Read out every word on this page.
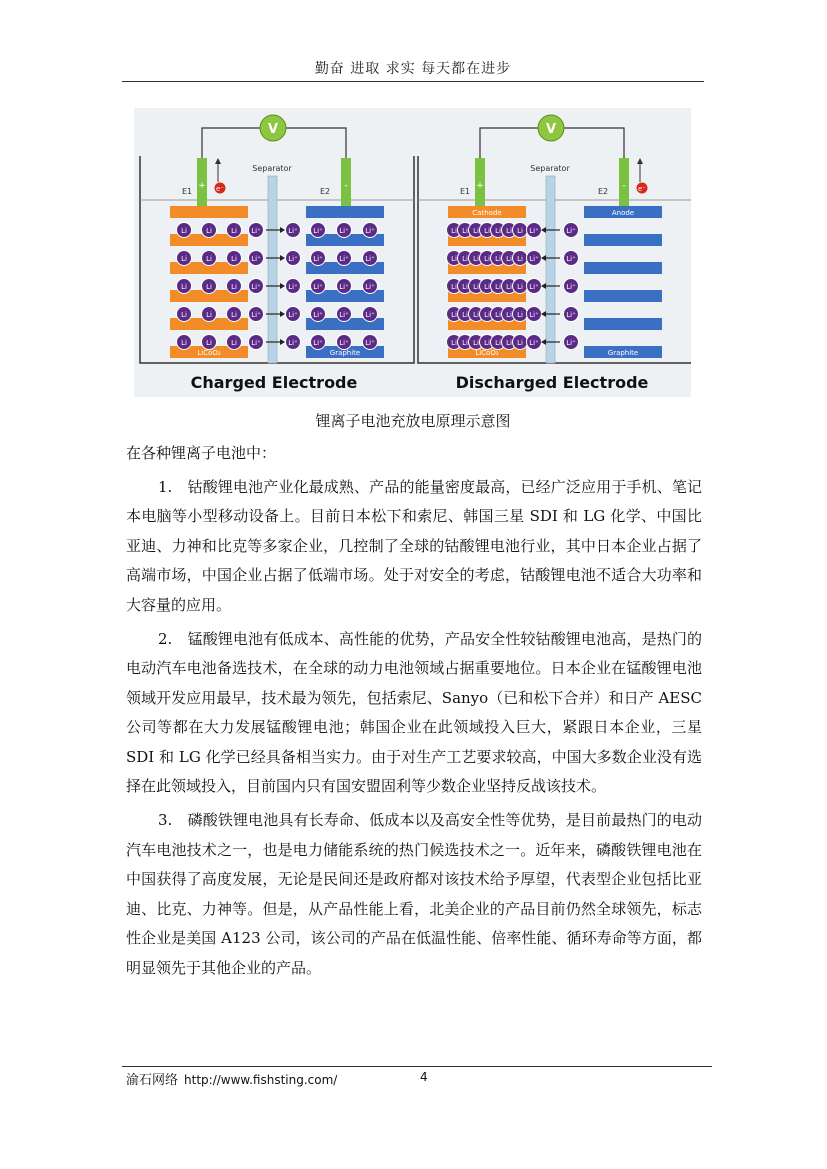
勤奋 进取 求实 每天都在进步
V
+	-
E1	E2
e⁻
Separator
LiCoO₂	Graphite
Li	Li	Li	Li⁺ Li⁺ Li⁺
Li⁺	Li⁺
Li	Li	Li	Li⁺ Li⁺ Li⁺
Li⁺	Li⁺
Li	Li	Li	Li⁺ Li⁺ Li⁺
Li⁺	Li⁺
Li	Li	Li	Li⁺ Li⁺ Li⁺
Li⁺	Li⁺
Li	Li	Li	Li⁺ Li⁺ Li⁺
Li⁺	Li⁺
V
+	-
E1	E2	e⁻
Separator
Cathode	Anode
LiCoO₂	Graphite
Li Li Li Li Li Li Li Li⁺	Li⁺
Li Li Li Li Li Li Li Li⁺	Li⁺
Li Li Li Li Li Li Li Li⁺	Li⁺
Li Li Li Li Li Li Li Li⁺	Li⁺
Li Li Li Li Li Li Li Li⁺	Li⁺
Charged Electrode	Discharged Electrode
锂离子电池充放电原理示意图
在各种锂离子电池中：

1.　钴酸锂电池产业化最成熟、产品的能量密度最高，已经广泛应用于手机、笔记本电脑等小型移动设备上。目前日本松下和索尼、韩国三星 SDI 和 LG 化学、中国比亚迪、力神和比克等多家企业，几控制了全球的钴酸锂电池行业，其中日本企业占据了高端市场，中国企业占据了低端市场。处于对安全的考虑，钴酸锂电池不适合大功率和大容量的应用。

2.　锰酸锂电池有低成本、高性能的优势，产品安全性较钴酸锂电池高，是热门的电动汽车电池备选技术，在全球的动力电池领域占据重要地位。日本企业在锰酸锂电池领域开发应用最早，技术最为领先，包括索尼、Sanyo（已和松下合并）和日产 AESC 公司等都在大力发展锰酸锂电池；韩国企业在此领域投入巨大，紧跟日本企业，三星 SDI 和 LG 化学已经具备相当实力。由于对生产工艺要求较高，中国大多数企业没有选择在此领域投入，目前国内只有国安盟固利等少数企业坚持反战该技术。

3.　磷酸铁锂电池具有长寿命、低成本以及高安全性等优势，是目前最热门的电动汽车电池技术之一，也是电力储能系统的热门候选技术之一。近年来，磷酸铁锂电池在中国获得了高度发展，无论是民间还是政府都对该技术给予厚望，代表型企业包括比亚迪、比克、力神等。但是，从产品性能上看，北美企业的产品目前仍然全球领先，标志性企业是美国 A123 公司，该公司的产品在低温性能、倍率性能、循环寿命等方面，都明显领先于其他企业的产品。

渝石网络 http://www.fishsting.com/	4
